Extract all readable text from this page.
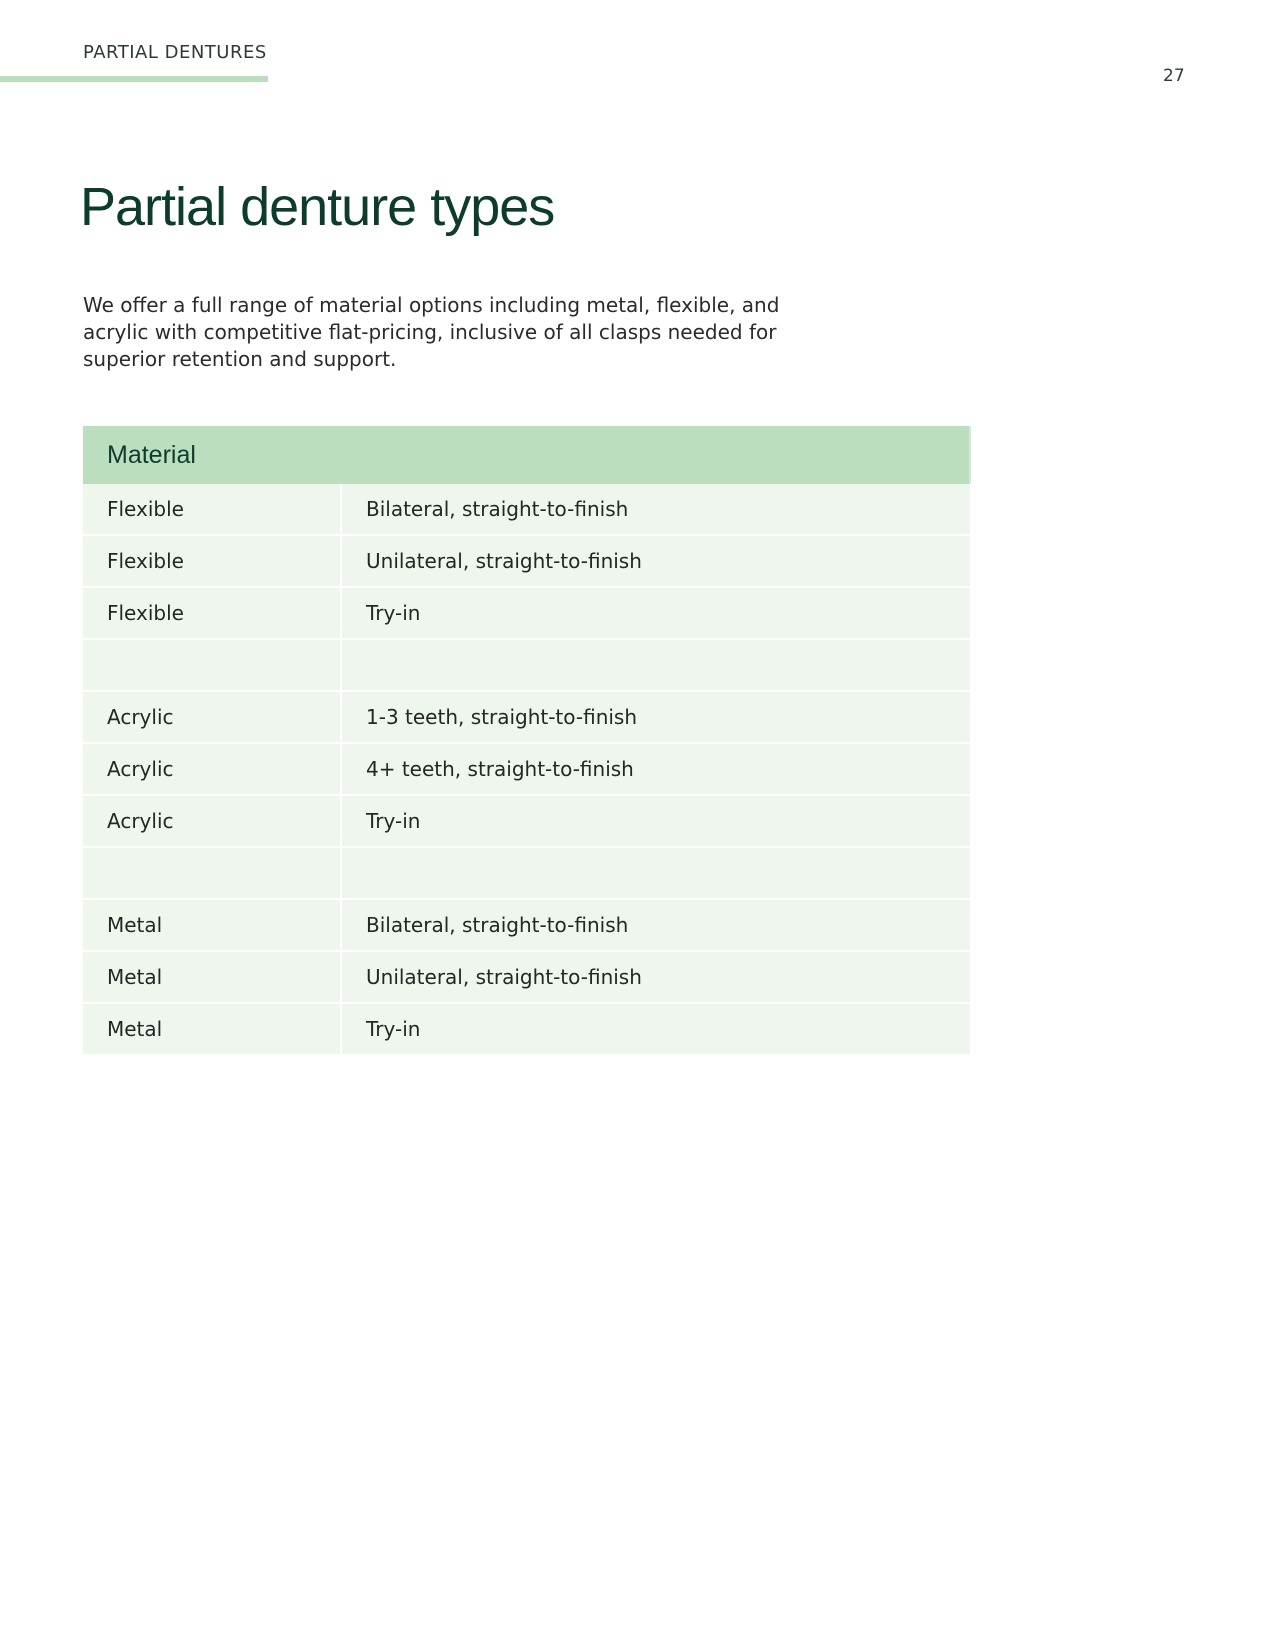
PARTIAL DENTURES
27
Partial denture types

We offer a full range of material options including metal, flexible, and acrylic with competitive flat-pricing, inclusive of all clasps needed for superior retention and support.

Material	
Flexible	Bilateral, straight-to-finish
Flexible	Unilateral, straight-to-finish
Flexible	Try-in

Acrylic	1-3 teeth, straight-to-finish
Acrylic	4+ teeth, straight-to-finish
Acrylic	Try-in

Metal	Bilateral, straight-to-finish
Metal	Unilateral, straight-to-finish
Metal	Try-in
